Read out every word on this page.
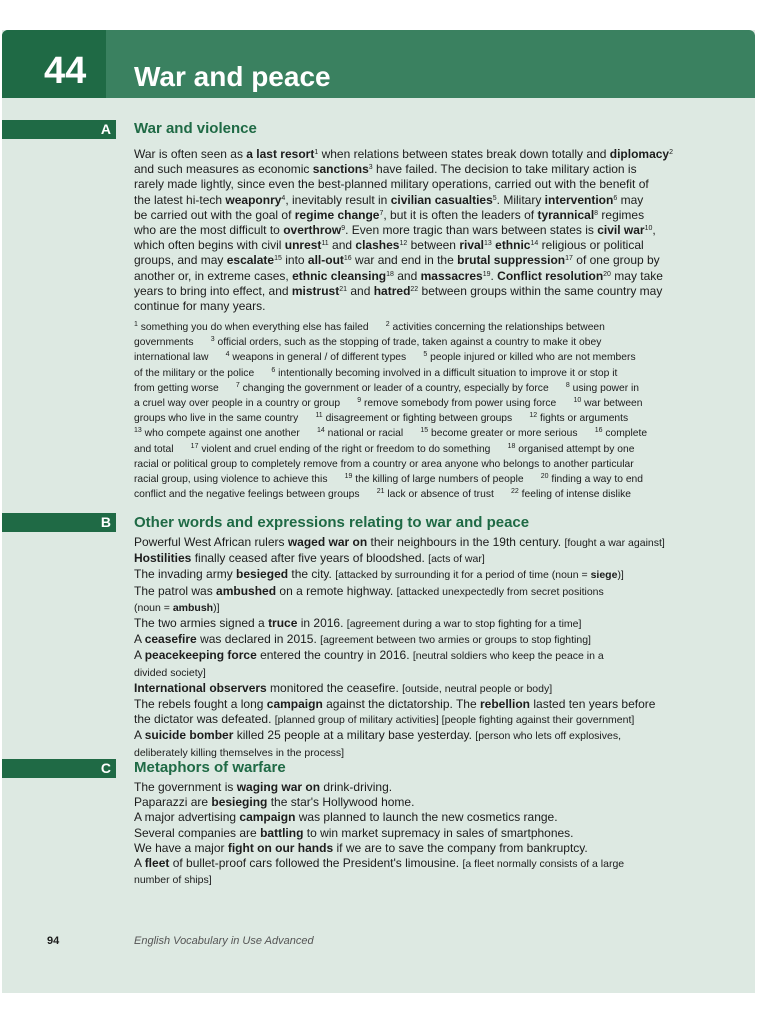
44 War and peace
A War and violence
War is often seen as a last resort$^1$ when relations between states break down totally and diplomacy$^2$
and such measures as economic sanctions$^3$ have failed. The decision to take military action is
rarely made lightly, since even the best-planned military operations, carried out with the benefit of
the latest hi-tech weaponry$^4$, inevitably result in civilian casualties$^5$. Military intervention$^6$ may
be carried out with the goal of regime change$^7$, but it is often the leaders of tyrannical$^8$ regimes
who are the most difficult to overthrow$^9$. Even more tragic than wars between states is civil war$^{10}$,
which often begins with civil unrest$^{11}$ and clashes$^{12}$ between rival$^{13}$ ethnic$^{14}$ religious or political
groups, and may escalate$^{15}$ into all-out$^{16}$ war and end in the brutal suppression$^{17}$ of one group by
another or, in extreme cases, ethnic cleansing$^{18}$ and massacres$^{19}$. Conflict resolution$^{20}$ may take
years to bring into effect, and mistrust$^{21}$ and hatred$^{22}$ between groups within the same country may
continue for many years.
$^1$ something you do when everything else has failed      $^2$ activities concerning the relationships between
governments      $^3$ official orders, such as the stopping of trade, taken against a country to make it obey
international law      $^4$ weapons in general / of different types      $^5$ people injured or killed who are not members
of the military or the police      $^6$ intentionally becoming involved in a difficult situation to improve it or stop it
from getting worse      $^7$ changing the government or leader of a country, especially by force      $^8$ using power in
a cruel way over people in a country or group      $^9$ remove somebody from power using force      $^{10}$ war between
groups who live in the same country      $^{11}$ disagreement or fighting between groups      $^{12}$ fights or arguments
$^{13}$ who compete against one another      $^{14}$ national or racial      $^{15}$ become greater or more serious      $^{16}$ complete
and total      $^{17}$ violent and cruel ending of the right or freedom to do something      $^{18}$ organised attempt by one
racial or political group to completely remove from a country or area anyone who belongs to another particular
racial group, using violence to achieve this      $^{19}$ the killing of large numbers of people      $^{20}$ finding a way to end
conflict and the negative feelings between groups      $^{21}$ lack or absence of trust      $^{22}$ feeling of intense dislike
B Other words and expressions relating to war and peace
Powerful West African rulers waged war on their neighbours in the 19th century. [fought a war against]
Hostilities finally ceased after five years of bloodshed. [acts of war]
The invading army besieged the city. [attacked by surrounding it for a period of time (noun = siege)]
The patrol was ambushed on a remote highway. [attacked unexpectedly from secret positions
(noun = ambush)]
The two armies signed a truce in 2016. [agreement during a war to stop fighting for a time]
A ceasefire was declared in 2015. [agreement between two armies or groups to stop fighting]
A peacekeeping force entered the country in 2016. [neutral soldiers who keep the peace in a
divided society]
International observers monitored the ceasefire. [outside, neutral people or body]
The rebels fought a long campaign against the dictatorship. The rebellion lasted ten years before
the dictator was defeated. [planned group of military activities] [people fighting against their government]
A suicide bomber killed 25 people at a military base yesterday. [person who lets off explosives,
deliberately killing themselves in the process]
C Metaphors of warfare
The government is waging war on drink-driving.
Paparazzi are besieging the star's Hollywood home.
A major advertising campaign was planned to launch the new cosmetics range.
Several companies are battling to win market supremacy in sales of smartphones.
We have a major fight on our hands if we are to save the company from bankruptcy.
A fleet of bullet-proof cars followed the President's limousine. [a fleet normally consists of a large
number of ships]
94	English Vocabulary in Use Advanced
